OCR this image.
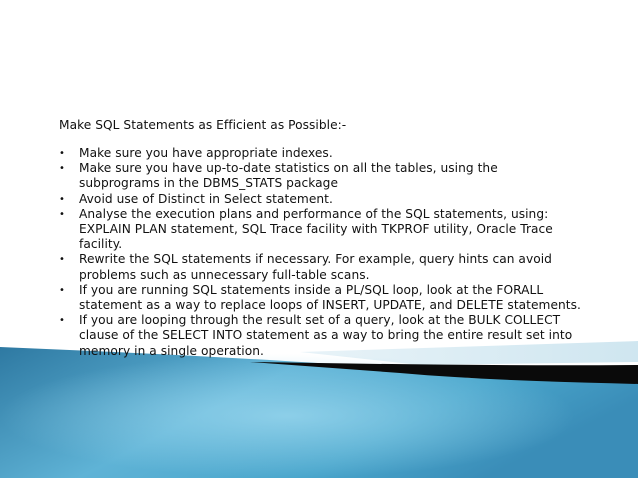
Make SQL Statements as Efficient as Possible:-
• Make sure you have appropriate indexes.
• Make sure you have up-to-date statistics on all the tables, using the
subprograms in the DBMS_STATS package
• Avoid use of Distinct in Select statement.
• Analyse the execution plans and performance of the SQL statements, using:
EXPLAIN PLAN statement, SQL Trace facility with TKPROF utility, Oracle Trace
facility.
• Rewrite the SQL statements if necessary. For example, query hints can avoid
problems such as unnecessary full-table scans.
• If you are running SQL statements inside a PL/SQL loop, look at the FORALL
statement as a way to replace loops of INSERT, UPDATE, and DELETE statements.
• If you are looping through the result set of a query, look at the BULK COLLECT
clause of the SELECT INTO statement as a way to bring the entire result set into
memory in a single operation.
